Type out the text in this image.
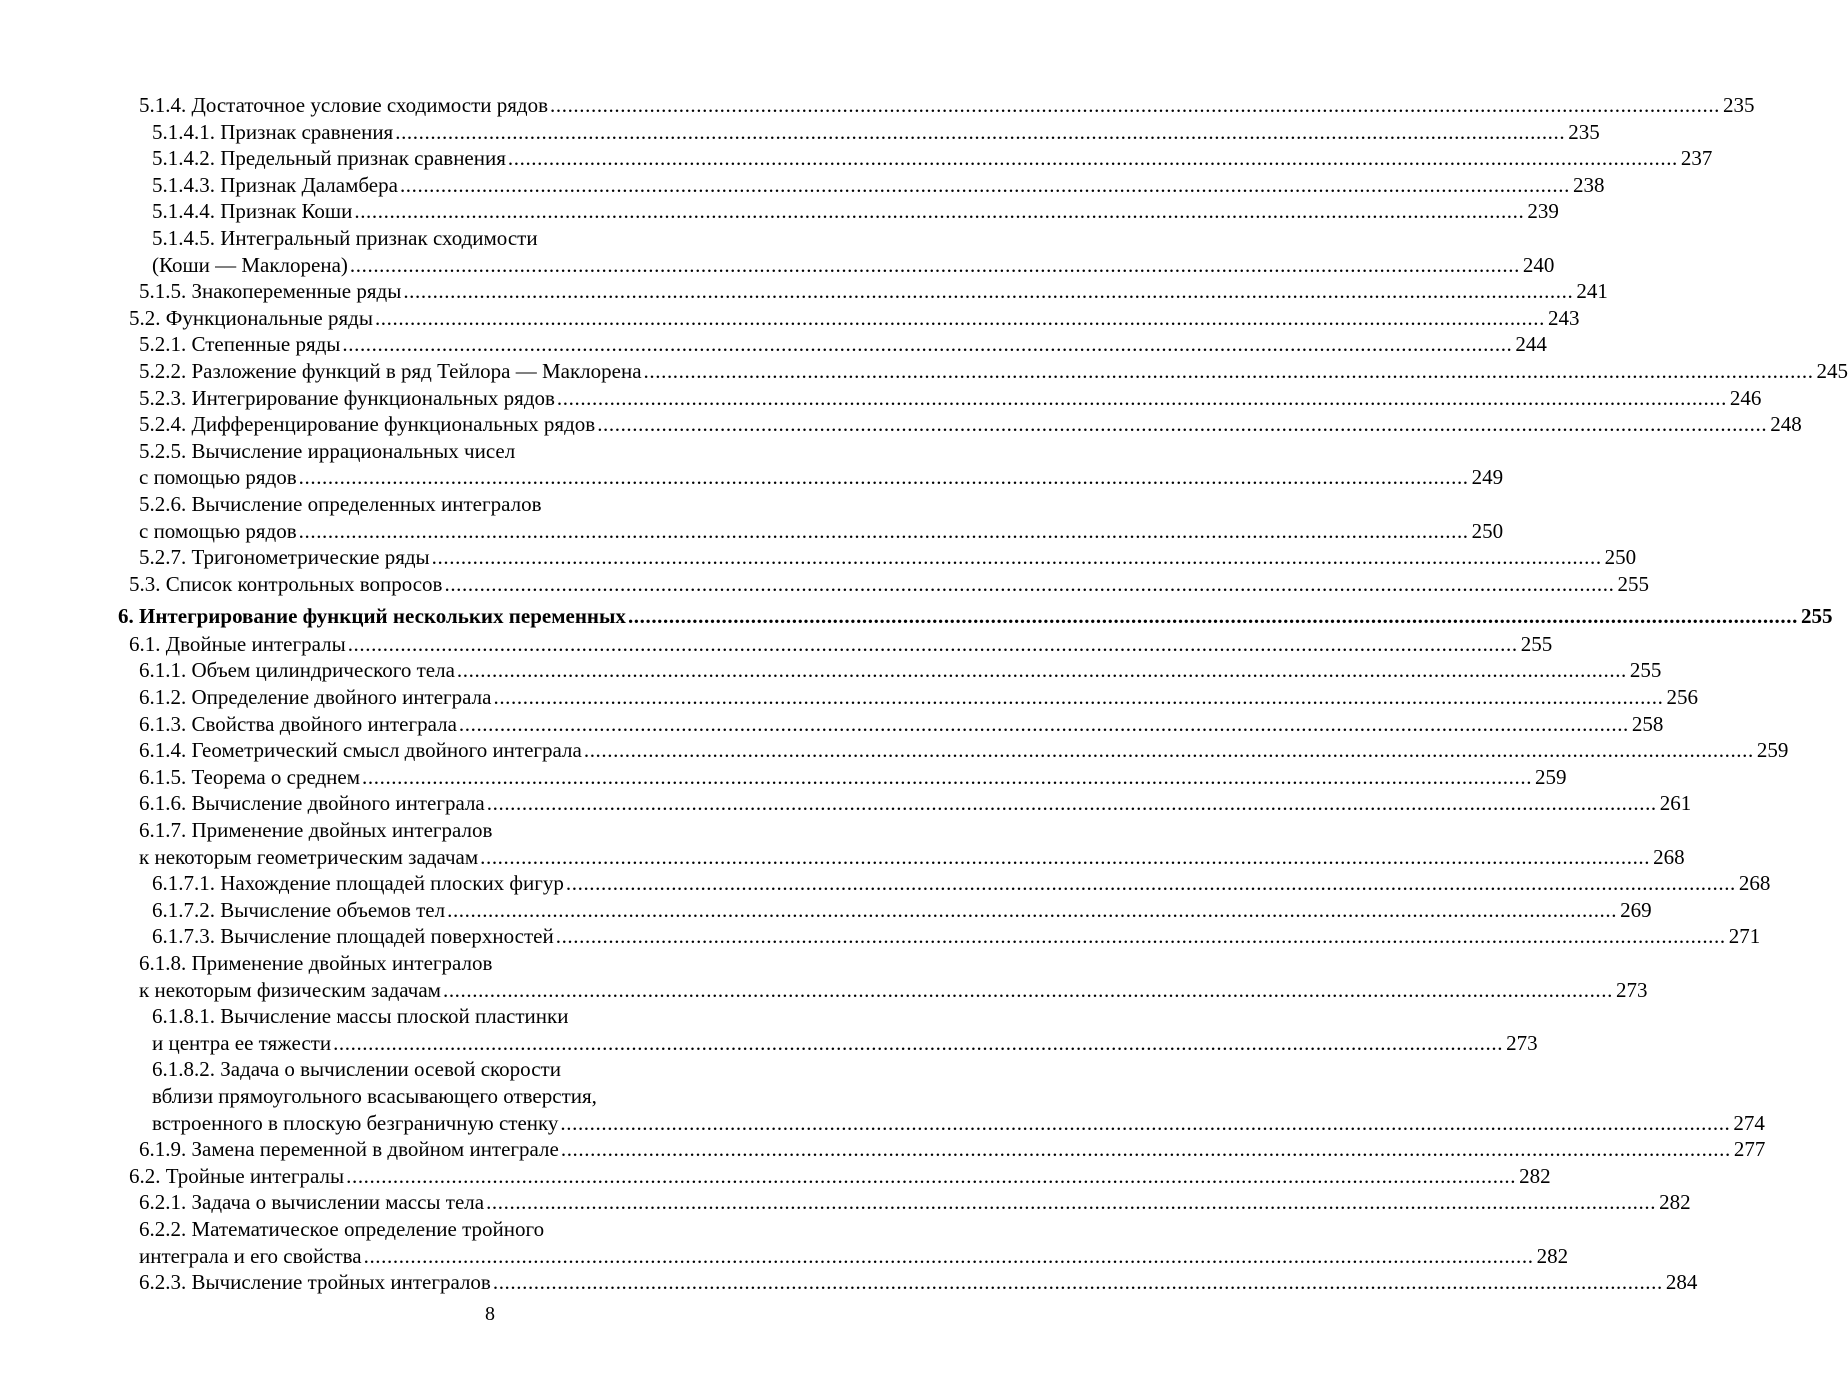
5.1.4. Достаточное условие сходимости рядов ........................................................................................................................................................................................................ 235
5.1.4.1. Признак сравнения ........................................................................................................................................................................................................ 235
5.1.4.2. Предельный признак сравнения ........................................................................................................................................................................................................ 237
5.1.4.3. Признак Даламбера ........................................................................................................................................................................................................ 238
5.1.4.4. Признак Коши ........................................................................................................................................................................................................ 239
5.1.4.5. Интегральный признак сходимости
(Коши — Маклорена) ........................................................................................................................................................................................................ 240
5.1.5. Знакопеременные ряды ........................................................................................................................................................................................................ 241
5.2. Функциональные ряды ........................................................................................................................................................................................................ 243
5.2.1. Степенные ряды ........................................................................................................................................................................................................ 244
5.2.2. Разложение функций в ряд Тейлора — Маклорена ........................................................................................................................................................................................................ 245
5.2.3. Интегрирование функциональных рядов ........................................................................................................................................................................................................ 246
5.2.4. Дифференцирование функциональных рядов ........................................................................................................................................................................................................ 248
5.2.5. Вычисление иррациональных чисел
с помощью рядов ........................................................................................................................................................................................................ 249
5.2.6. Вычисление определенных интегралов
с помощью рядов ........................................................................................................................................................................................................ 250
5.2.7. Тригонометрические ряды ........................................................................................................................................................................................................ 250
5.3. Список контрольных вопросов ........................................................................................................................................................................................................ 255
6. Интегрирование функций нескольких переменных ........................................................................................................................................................................................................ 255
6.1. Двойные интегралы ........................................................................................................................................................................................................ 255
6.1.1. Объем цилиндрического тела ........................................................................................................................................................................................................ 255
6.1.2. Определение двойного интеграла ........................................................................................................................................................................................................ 256
6.1.3. Свойства двойного интеграла ........................................................................................................................................................................................................ 258
6.1.4. Геометрический смысл двойного интеграла ........................................................................................................................................................................................................ 259
6.1.5. Теорема о среднем ........................................................................................................................................................................................................ 259
6.1.6. Вычисление двойного интеграла ........................................................................................................................................................................................................ 261
6.1.7. Применение двойных интегралов
к некоторым геометрическим задачам ........................................................................................................................................................................................................ 268
6.1.7.1. Нахождение площадей плоских фигур ........................................................................................................................................................................................................ 268
6.1.7.2. Вычисление объемов тел ........................................................................................................................................................................................................ 269
6.1.7.3. Вычисление площадей поверхностей ........................................................................................................................................................................................................ 271
6.1.8. Применение двойных интегралов
к некоторым физическим задачам ........................................................................................................................................................................................................ 273
6.1.8.1. Вычисление массы плоской пластинки
и центра ее тяжести ........................................................................................................................................................................................................ 273
6.1.8.2. Задача о вычислении осевой скорости
вблизи прямоугольного всасывающего отверстия,
встроенного в плоскую безграничную стенку ........................................................................................................................................................................................................ 274
6.1.9. Замена переменной в двойном интеграле ........................................................................................................................................................................................................ 277
6.2. Тройные интегралы ........................................................................................................................................................................................................ 282
6.2.1. Задача о вычислении массы тела ........................................................................................................................................................................................................ 282
6.2.2. Математическое определение тройного
интеграла и его свойства ........................................................................................................................................................................................................ 282
6.2.3. Вычисление тройных интегралов ........................................................................................................................................................................................................ 284
8
